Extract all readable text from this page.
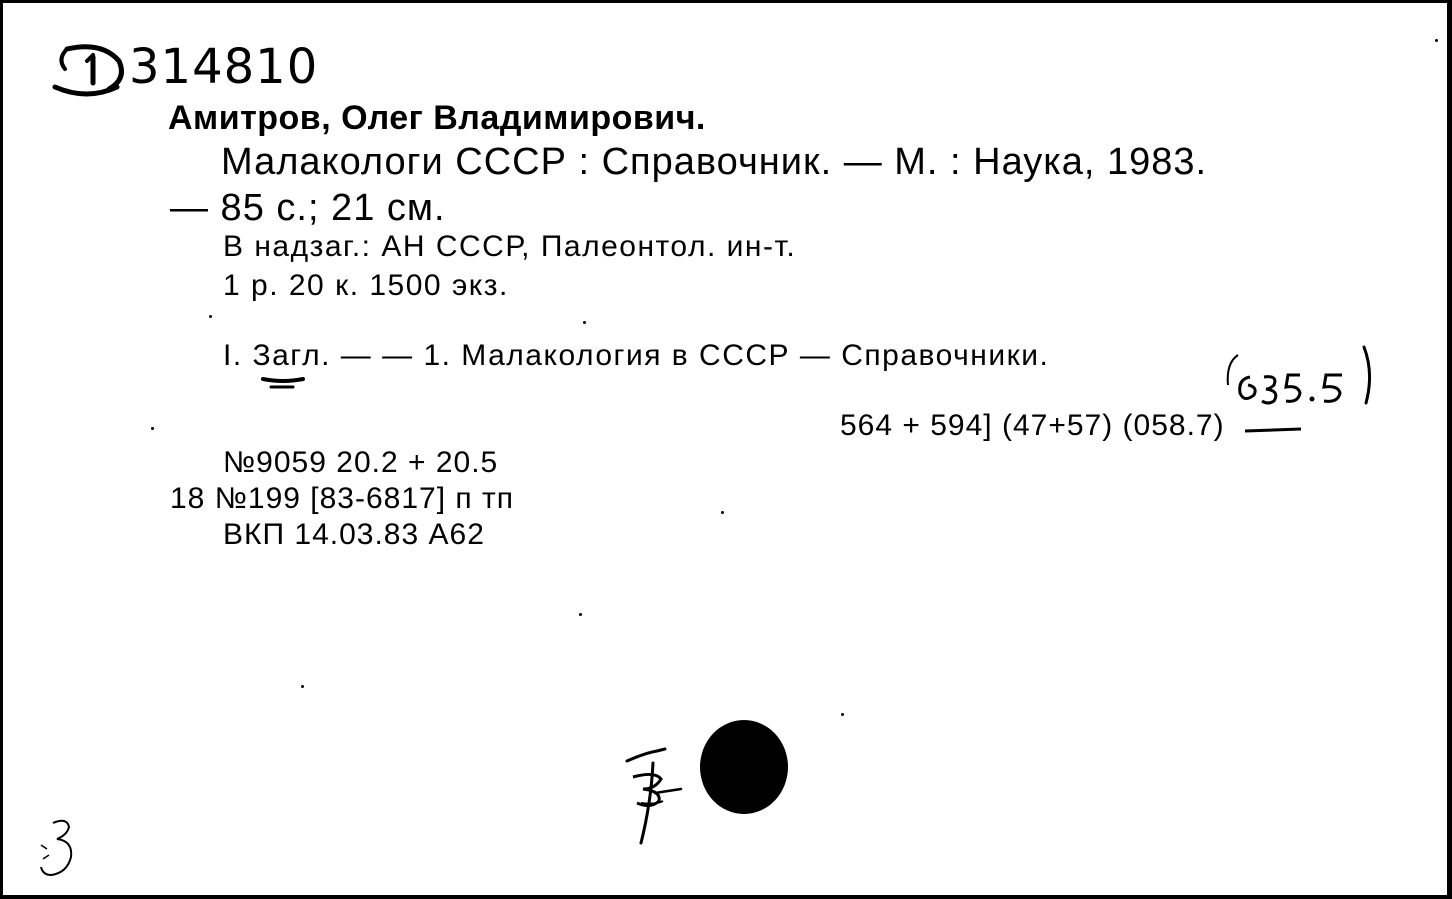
314810
Амитров, Олег Владимирович.
Малакологи СССР : Справочник. — М. : Наука, 1983.
— 85 с.; 21 см.
В надзаг.: АН СССР, Палеонтол. ин-т.
1 р. 20 к. 1500 экз.
I. Загл. — — 1. Малакология в СССР — Справочники.
564 + 594] (47+57) (058.7)
№9059 20.2 + 20.5
18 №199 [83-6817] п тп
ВКП 14.03.83 А62
